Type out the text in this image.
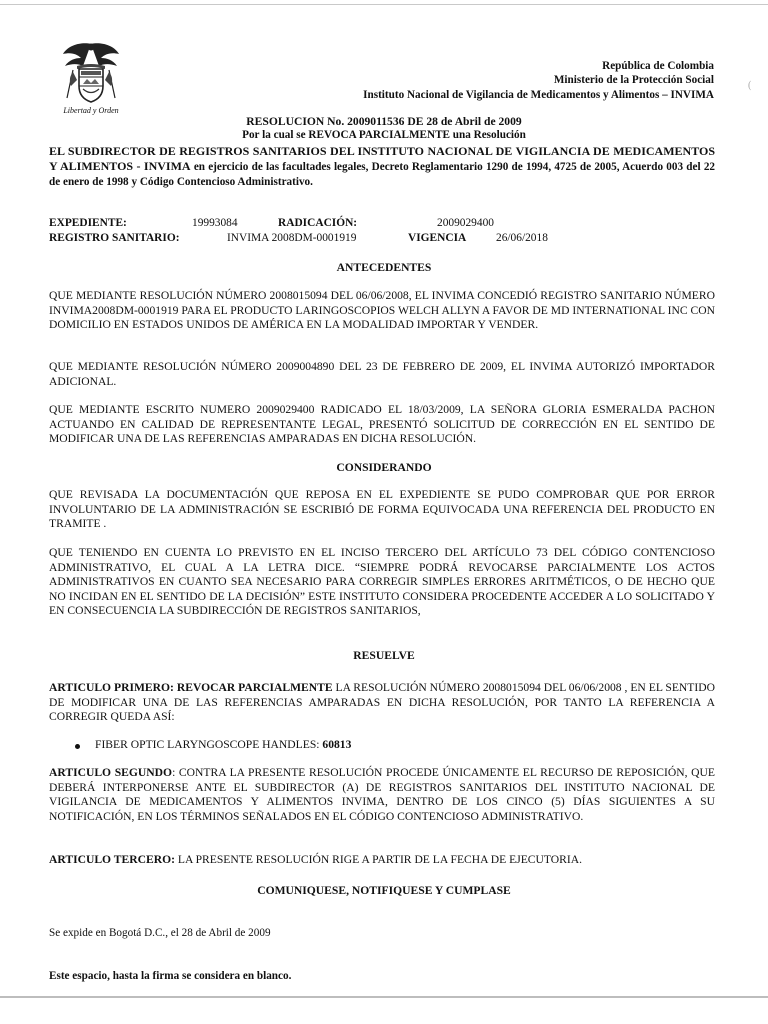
Libertad y Orden
República de Colombia
Ministerio de la Protección Social
Instituto Nacional de Vigilancia de Medicamentos y Alimentos – INVIMA
(
RESOLUCION No. 2009011536 DE 28 de Abril de 2009
Por la cual se REVOCA PARCIALMENTE una Resolución
EL SUBDIRECTOR DE REGISTROS SANITARIOS DEL INSTITUTO NACIONAL DE VIGILANCIA DE MEDICAMENTOS Y ALIMENTOS - INVIMA en ejercicio de las facultades legales, Decreto Reglamentario 1290 de 1994, 4725 de 2005, Acuerdo 003 del 22 de enero de 1998 y Código Contencioso Administrativo.
EXPEDIENTE:	19993084	RADICACIÓN:	2009029400
REGISTRO SANITARIO:	INVIMA 2008DM-0001919	VIGENCIA	26/06/2018
ANTECEDENTES
QUE MEDIANTE RESOLUCIÓN NÚMERO 2008015094 DEL 06/06/2008, EL INVIMA CONCEDIÓ REGISTRO SANITARIO NÚMERO INVIMA2008DM-0001919 PARA EL PRODUCTO LARINGOSCOPIOS WELCH ALLYN A FAVOR DE MD INTERNATIONAL INC CON DOMICILIO EN ESTADOS UNIDOS DE AMÉRICA EN LA MODALIDAD IMPORTAR Y VENDER.
QUE MEDIANTE RESOLUCIÓN NÚMERO 2009004890 DEL 23 DE FEBRERO DE 2009, EL INVIMA AUTORIZÓ IMPORTADOR ADICIONAL.
QUE MEDIANTE ESCRITO NUMERO 2009029400 RADICADO EL 18/03/2009, LA SEÑORA GLORIA ESMERALDA PACHON ACTUANDO EN CALIDAD DE REPRESENTANTE LEGAL, PRESENTÓ SOLICITUD DE CORRECCIÓN EN EL SENTIDO DE MODIFICAR UNA DE LAS REFERENCIAS AMPARADAS EN DICHA RESOLUCIÓN.
CONSIDERANDO
QUE REVISADA LA DOCUMENTACIÓN QUE REPOSA EN EL EXPEDIENTE SE PUDO COMPROBAR QUE POR ERROR INVOLUNTARIO DE LA ADMINISTRACIÓN SE ESCRIBIÓ DE FORMA EQUIVOCADA UNA REFERENCIA DEL PRODUCTO EN TRAMITE .
QUE TENIENDO EN CUENTA LO PREVISTO EN EL INCISO TERCERO DEL ARTÍCULO 73 DEL CÓDIGO CONTENCIOSO ADMINISTRATIVO, EL CUAL A LA LETRA DICE. “SIEMPRE PODRÁ REVOCARSE PARCIALMENTE LOS ACTOS ADMINISTRATIVOS EN CUANTO SEA NECESARIO PARA CORREGIR SIMPLES ERRORES ARITMÉTICOS, O DE HECHO QUE NO INCIDAN EN EL SENTIDO DE LA DECISIÓN” ESTE INSTITUTO CONSIDERA PROCEDENTE ACCEDER A LO SOLICITADO Y EN CONSECUENCIA LA SUBDIRECCIÓN DE REGISTROS SANITARIOS,
RESUELVE
ARTICULO PRIMERO: REVOCAR PARCIALMENTE LA RESOLUCIÓN NÚMERO 2008015094 DEL 06/06/2008 , EN EL SENTIDO DE MODIFICAR UNA DE LAS REFERENCIAS AMPARADAS EN DICHA RESOLUCIÓN, POR TANTO LA REFERENCIA A CORREGIR QUEDA ASÍ:
FIBER OPTIC LARYNGOSCOPE HANDLES: 60813
ARTICULO SEGUNDO: CONTRA LA PRESENTE RESOLUCIÓN PROCEDE ÚNICAMENTE EL RECURSO DE REPOSICIÓN, QUE DEBERÁ INTERPONERSE ANTE EL SUBDIRECTOR (A) DE REGISTROS SANITARIOS DEL INSTITUTO NACIONAL DE VIGILANCIA DE MEDICAMENTOS Y ALIMENTOS INVIMA, DENTRO DE LOS CINCO (5) DÍAS SIGUIENTES A SU NOTIFICACIÓN, EN LOS TÉRMINOS SEÑALADOS EN EL CÓDIGO CONTENCIOSO ADMINISTRATIVO.
ARTICULO TERCERO: LA PRESENTE RESOLUCIÓN RIGE A PARTIR DE LA FECHA DE EJECUTORIA.
COMUNIQUESE, NOTIFIQUESE Y CUMPLASE
Se expide en Bogotá D.C., el 28 de Abril de 2009
Este espacio, hasta la firma se considera en blanco.
